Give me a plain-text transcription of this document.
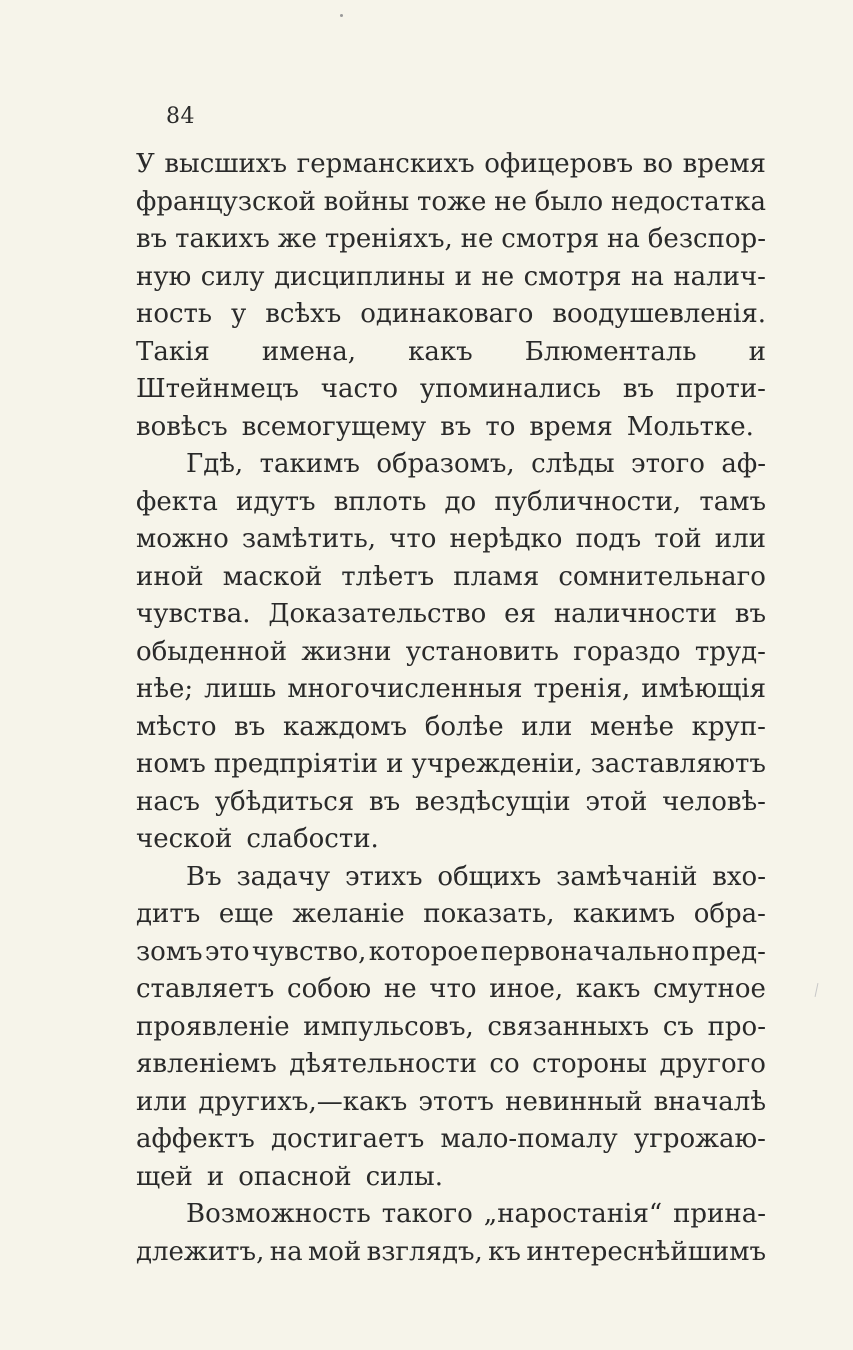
84
У высшихъ германскихъ офицеровъ во время
французской войны тоже не было недостатка
въ такихъ же треніяхъ, не смотря на безспор-
ную силу дисциплины и не смотря на налич-
ность у всѣхъ одинаковаго воодушевленія.
Такія имена, какъ Блюменталь и
Штейнмецъ часто упоминались въ проти-
вовѣсъ всемогущему въ то время Мольтке.
Гдѣ, такимъ образомъ, слѣды этого аф-
фекта идутъ вплоть до публичности, тамъ
можно замѣтить, что нерѣдко подъ той или
иной маской тлѣетъ пламя сомнительнаго
чувства. Доказательство ея наличности въ
обыденной жизни установить гораздо труд-
нѣе; лишь многочисленныя тренія, имѣющія
мѣсто въ каждомъ болѣе или менѣе круп-
номъ предпріятіи и учрежденіи, заставляютъ
насъ убѣдиться въ вездѣсущіи этой человѣ-
ческой слабости.
Въ задачу этихъ общихъ замѣчаній вхо-
дитъ еще желаніе показать, какимъ обра-
зомъ это чувство, которое первоначально пред-
ставляетъ собою не что иное, какъ смутное
проявленіе импульсовъ, связанныхъ съ про-
явленіемъ дѣятельности со стороны другого
или другихъ,—какъ этотъ невинный вначалѣ
аффектъ достигаетъ мало-помалу угрожаю-
щей и опасной силы.
Возможность такого „наростанія“ прина-
длежитъ, на мой взглядъ, къ интереснѣйшимъ
